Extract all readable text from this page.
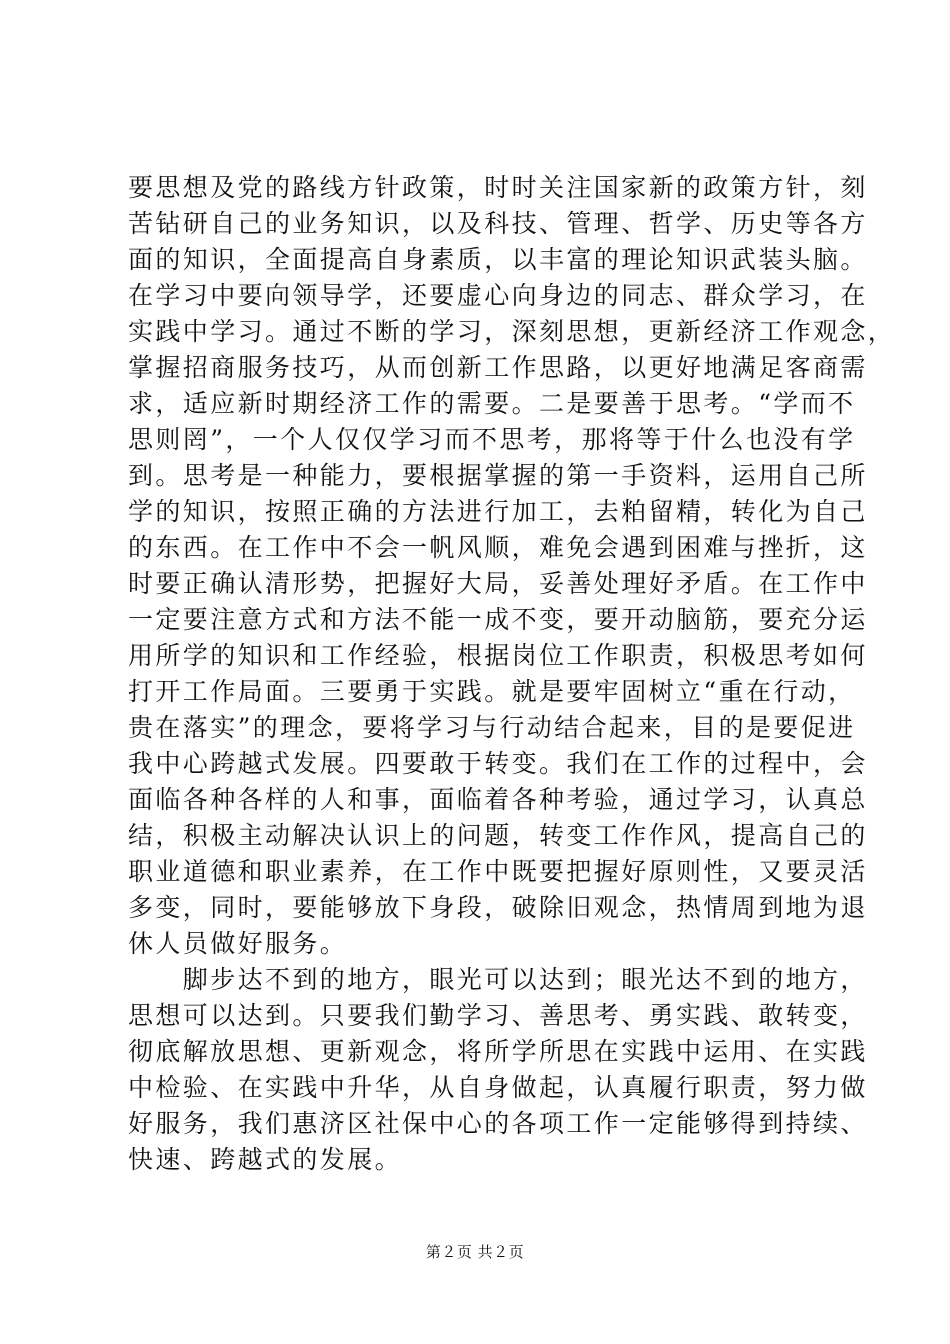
要思想及党的路线方针政策，时时关注国家新的政策方针，刻
苦钻研自己的业务知识，以及科技、管理、哲学、历史等各方
面的知识，全面提高自身素质，以丰富的理论知识武装头脑。
在学习中要向领导学，还要虚心向身边的同志、群众学习，在
实践中学习。通过不断的学习，深刻思想，更新经济工作观念，
掌握招商服务技巧，从而创新工作思路，以更好地满足客商需
求，适应新时期经济工作的需要。二是要善于思考。“学而不
思则罔”，一个人仅仅学习而不思考，那将等于什么也没有学
到。思考是一种能力，要根据掌握的第一手资料，运用自己所
学的知识，按照正确的方法进行加工，去粕留精，转化为自己
的东西。在工作中不会一帆风顺，难免会遇到困难与挫折，这
时要正确认清形势，把握好大局，妥善处理好矛盾。在工作中
一定要注意方式和方法不能一成不变，要开动脑筋，要充分运
用所学的知识和工作经验，根据岗位工作职责，积极思考如何
打开工作局面。三要勇于实践。就是要牢固树立“重在行动，
贵在落实”的理念，要将学习与行动结合起来，目的是要促进
我中心跨越式发展。四要敢于转变。我们在工作的过程中，会
面临各种各样的人和事，面临着各种考验，通过学习，认真总
结，积极主动解决认识上的问题，转变工作作风，提高自己的
职业道德和职业素养，在工作中既要把握好原则性，又要灵活
多变，同时，要能够放下身段，破除旧观念，热情周到地为退
休人员做好服务。
　　脚步达不到的地方，眼光可以达到；眼光达不到的地方，
思想可以达到。只要我们勤学习、善思考、勇实践、敢转变，
彻底解放思想、更新观念，将所学所思在实践中运用、在实践
中检验、在实践中升华，从自身做起，认真履行职责，努力做
好服务，我们惠济区社保中心的各项工作一定能够得到持续、
快速、跨越式的发展。
第２页 共２页
